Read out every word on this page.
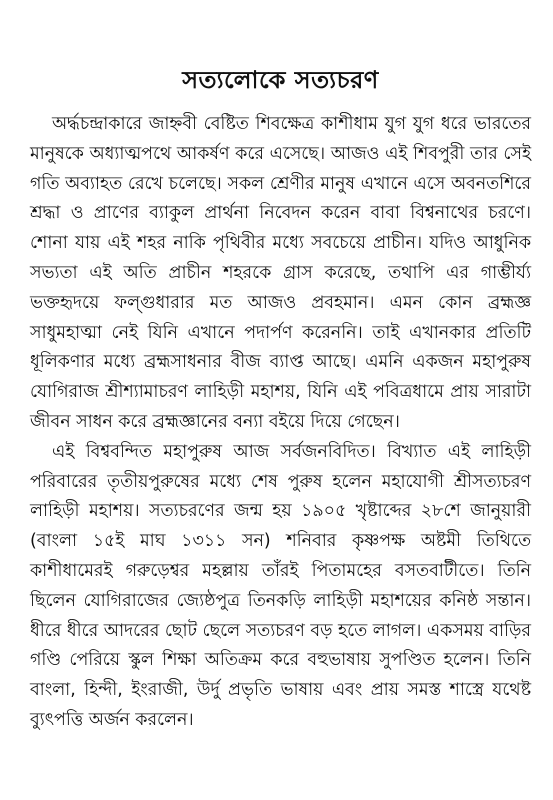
সত্যলোকে সত্যচরণ

অর্দ্ধচন্দ্রাকারে জাহ্নবী বেষ্টিত শিবক্ষেত্র কাশীধাম যুগ যুগ ধরে ভারতের মানুষকে অধ্যাত্মপথে আকর্ষণ করে এসেছে। আজও এই শিবপুরী তার সেই গতি অব্যাহত রেখে চলেছে। সকল শ্রেণীর মানুষ এখানে এসে অবনতশিরে শ্রদ্ধা ও প্রাণের ব্যাকুল প্রার্থনা নিবেদন করেন বাবা বিশ্বনাথের চরণে। শোনা যায় এই শহর নাকি পৃথিবীর মধ্যে সবচেয়ে প্রাচীন। যদিও আধুনিক সভ্যতা এই অতি প্রাচীন শহরকে গ্রাস করেছে, তথাপি এর গাম্ভীর্য্য ভক্তহৃদয়ে ফল্গুধারার মত আজও প্রবহমান। এমন কোন ব্রহ্মজ্ঞ সাধুমহাত্মা নেই যিনি এখানে পদার্পণ করেননি। তাই এখানকার প্রতিটি ধূলিকণার মধ্যে ব্রহ্মসাধনার বীজ ব্যাপ্ত আছে। এমনি একজন মহাপুরুষ যোগিরাজ শ্রীশ্যামাচরণ লাহিড়ী মহাশয়, যিনি এই পবিত্রধামে প্রায় সারাটা জীবন সাধন করে ব্রহ্মজ্ঞানের বন্যা বইয়ে দিয়ে গেছেন।

এই বিশ্ববন্দিত মহাপুরুষ আজ সর্বজনবিদিত। বিখ্যাত এই লাহিড়ী পরিবারের তৃতীয়পুরুষের মধ্যে শেষ পুরুষ হলেন মহাযোগী শ্রীসত্যচরণ লাহিড়ী মহাশয়। সত্যচরণের জন্ম হয় ১৯০৫ খৃষ্টাব্দের ২৮শে জানুয়ারী (বাংলা ১৫ই মাঘ ১৩১১ সন) শনিবার কৃষ্ণপক্ষ অষ্টমী তিথিতে কাশীধামেরই গরুড়েশ্বর মহল্লায় তাঁরই পিতামহের বসতবাটীতে। তিনি ছিলেন যোগিরাজের জ্যেষ্ঠপুত্র তিনকড়ি লাহিড়ী মহাশয়ের কনিষ্ঠ সন্তান। ধীরে ধীরে আদরের ছোট ছেলে সত্যচরণ বড় হতে লাগল। একসময় বাড়ির গণ্ডি পেরিয়ে স্কুল শিক্ষা অতিক্রম করে বহুভাষায় সুপণ্ডিত হলেন। তিনি বাংলা, হিন্দী, ইংরাজী, উর্দু প্রভৃতি ভাষায় এবং প্রায় সমস্ত শাস্ত্রে যথেষ্ট ব্যুৎপত্তি অর্জন করলেন।
